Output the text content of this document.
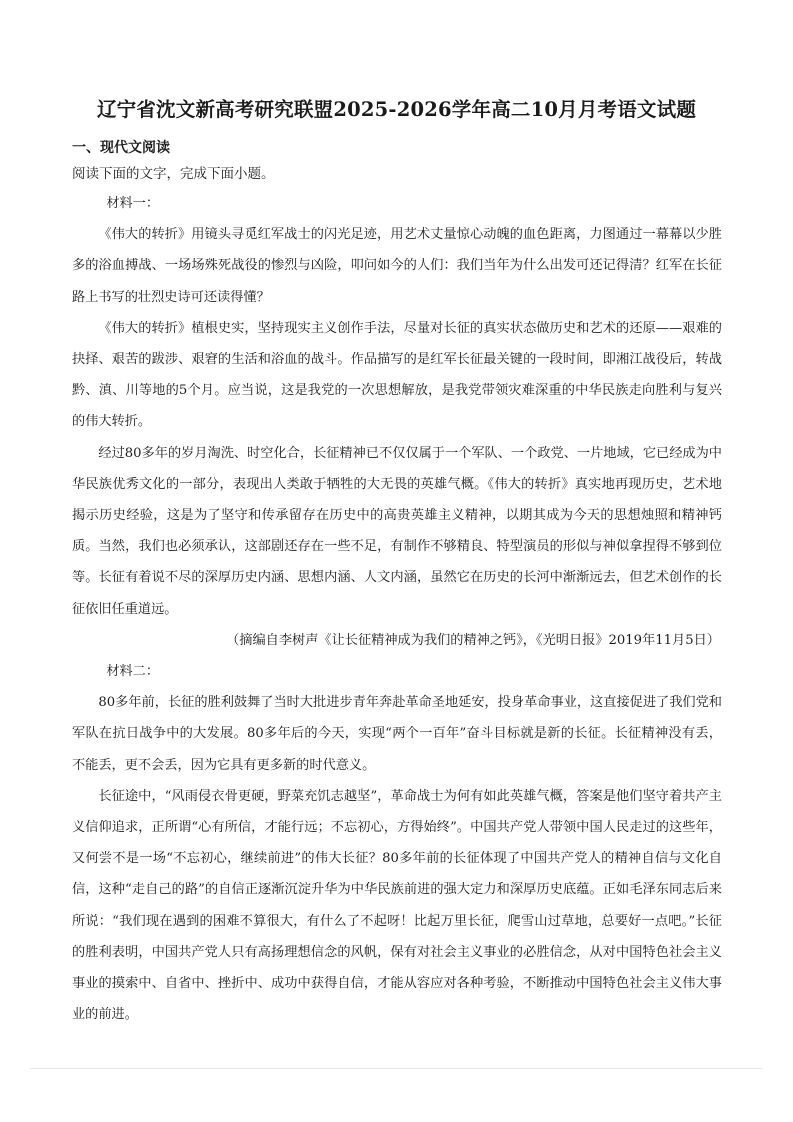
辽宁省沈文新高考研究联盟2025-2026学年高二10月月考语文试题
一、现代文阅读
阅读下面的文字，完成下面小题。

材料一：

《伟大的转折》用镜头寻觅红军战士的闪光足迹，用艺术丈量惊心动魄的血色距离，力图通过一幕幕以少胜多的浴血搏战、一场场殊死战役的惨烈与凶险，叩问如今的人们：我们当年为什么出发可还记得清？红军在长征路上书写的壮烈史诗可还读得懂？

《伟大的转折》植根史实，坚持现实主义创作手法，尽量对长征的真实状态做历史和艺术的还原——艰难的抉择、艰苦的跋涉、艰窘的生活和浴血的战斗。作品描写的是红军长征最关键的一段时间，即湘江战役后，转战黔、滇、川等地的5个月。应当说，这是我党的一次思想解放，是我党带领灾难深重的中华民族走向胜利与复兴的伟大转折。

经过80多年的岁月淘洗、时空化合，长征精神已不仅仅属于一个军队、一个政党、一片地域，它已经成为中华民族优秀文化的一部分，表现出人类敢于牺牲的大无畏的英雄气概。《伟大的转折》真实地再现历史，艺术地揭示历史经验，这是为了坚守和传承留存在历史中的高贵英雄主义精神，以期其成为今天的思想烛照和精神钙质。当然，我们也必须承认，这部剧还存在一些不足，有制作不够精良、特型演员的形似与神似拿捏得不够到位等。长征有着说不尽的深厚历史内涵、思想内涵、人文内涵，虽然它在历史的长河中渐渐远去，但艺术创作的长征依旧任重道远。

（摘编自李树声《让长征精神成为我们的精神之钙》，《光明日报》2019年11月5日）

材料二：

80多年前，长征的胜利鼓舞了当时大批进步青年奔赴革命圣地延安，投身革命事业，这直接促进了我们党和军队在抗日战争中的大发展。80多年后的今天，实现“两个一百年”奋斗目标就是新的长征。长征精神没有丢，不能丢，更不会丢，因为它具有更多新的时代意义。

长征途中，“风雨侵衣骨更硬，野菜充饥志越坚”，革命战士为何有如此英雄气概，答案是他们坚守着共产主义信仰追求，正所谓“心有所信，才能行远；不忘初心，方得始终”。中国共产党人带领中国人民走过的这些年，又何尝不是一场“不忘初心，继续前进”的伟大长征？80多年前的长征体现了中国共产党人的精神自信与文化自信，这种“走自己的路”的自信正逐渐沉淀升华为中华民族前进的强大定力和深厚历史底蕴。正如毛泽东同志后来所说：“我们现在遇到的困难不算很大，有什么了不起呀！比起万里长征，爬雪山过草地，总要好一点吧。”长征的胜利表明，中国共产党人只有高扬理想信念的风帆，保有对社会主义事业的必胜信念，从对中国特色社会主义事业的摸索中、自省中、挫折中、成功中获得自信，才能从容应对各种考验，不断推动中国特色社会主义伟大事业的前进。
